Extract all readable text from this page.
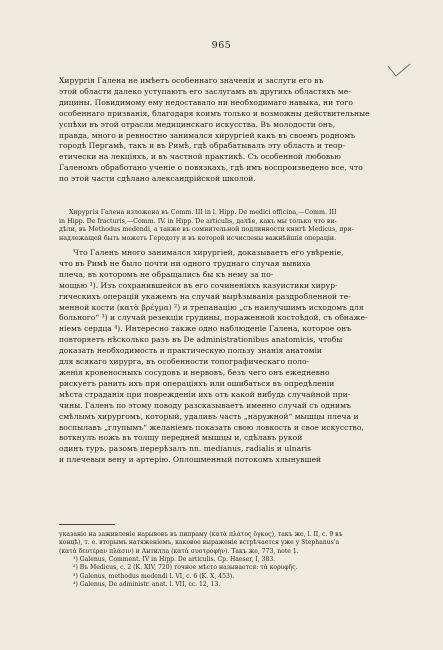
965
Хирургія Галена не имѣетъ особеннаго значенія и заслуги его въ
этой области далеко уступаютъ его заслугамъ въ другихъ областяхъ ме-
дицины. Повидимому ему недоставало ни необходимаго навыка, ни того
особеннаго призванія, благодаря коимъ только и возможны действительные
успѣхи въ этой отрасли медицинскаго искусства. Въ молодости онъ,
правда, много и ревностно занимался хирургіей какъ въ своемъ родномъ
городѣ Пергамѣ, такъ и въ Римѣ, гдѣ обрабатывалъ эту область и теор-
етически на лекціяхъ, и въ частной практикѣ. Съ особенной любовью
Галеномъ обработано ученіе о повязкахъ, гдѣ имъ воспроизведено все, что
по этой части сдѣлано александрійской школой.
Хирургія Галена изложена въ Comm. III in l. Hipp. De medici officina,—Comm. III
in Hipp. De fracturis,—Comm. IV. in Hipp. De articulis, далѣе, какъ мы только что ви-
дѣли, въ Methodus medendi, а также въ сомнительной подлинности книгѣ Medicus, при-
надлежащей быть можетъ Геродоту и въ которой исчислены важнѣйшія операціи.
Что Галенъ много занимался хирургіей, доказываетъ его увѣреніе,
что въ Римѣ не было почти ни одного труднаго случая вывиха
плеча, въ которомъ не обращались бы къ нему за по-
мощью ¹). Изъ сохранившейся въ его сочиненіяхъ казуистики хирур-
гическихъ операцій укажемъ на случай вырѣзыванія раздробленной те-
менной кости (κατὰ βρέγμα) ²) и трепанацію „съ наилучшимъ исходомъ для
больного“ ³) и случай резекціи грудины, пораженной костоѣдой, съ обнаже-
ніемъ сердца ⁴). Интересно также одно наблюденіе Галена, которое онъ
повторяетъ нѣсколько разъ въ De administrationibus anatomicis, чтобы
доказать необходимость и практическую пользу знанія анатоміи
для всякаго хирурга, въ особенности топографическаго поло-
женія кровеносныхъ сосудовъ и нервовъ, безъ чего онъ ежедневно
рискуетъ ранить ихъ при операціяхъ или ошибаться въ опредѣленіи
мѣста страданія при поврежденіи ихъ отъ какой нибудь случайной при-
чины. Галенъ по этому поводу разсказываетъ именно случай съ однимъ
смѣлымъ хирургомъ, который, удаливъ часть „наружной“ мышцы плеча и
воспылавъ „глупымъ“ желаніемъ показать свою ловкость и свое искусство,
воткнулъ ножъ въ толщу передней мышцы и, сдѣлавъ рукой
одинъ туръ, разомъ перерѣзалъ nn. medianus, radialis и ulnaris
и плечевыя вену и артерію. Оплошменный потокомъ хлынувшей
указаніе на заживленіе нарывовъ въ пипраму (κατὰ πλάτος ὄγκος), такъ же, l. II, c. 9 въ
концѣ), т. е. вторымъ натяженіемъ, каковое выраженіе встрѣчается уже у Stephanus'а
(κατὰ δευτέραν πλάσιν) и Антилла (κατὰ συστροφὴν). Такъ же, 773, note 1.
¹) Galenus, Comment. IV in Hipp. De articulis. Ср. Haeser, I, 383.
²) Въ Medicus, c. 2 (K. XIV, 720) точное мѣсто называется: τὰ κορυφῆς.
³) Galenus, methodus medendi l. VI, c. 6 (K. X, 453).
⁴) Galenus, De administr. anat. l. VII, cc. 12, 13.
